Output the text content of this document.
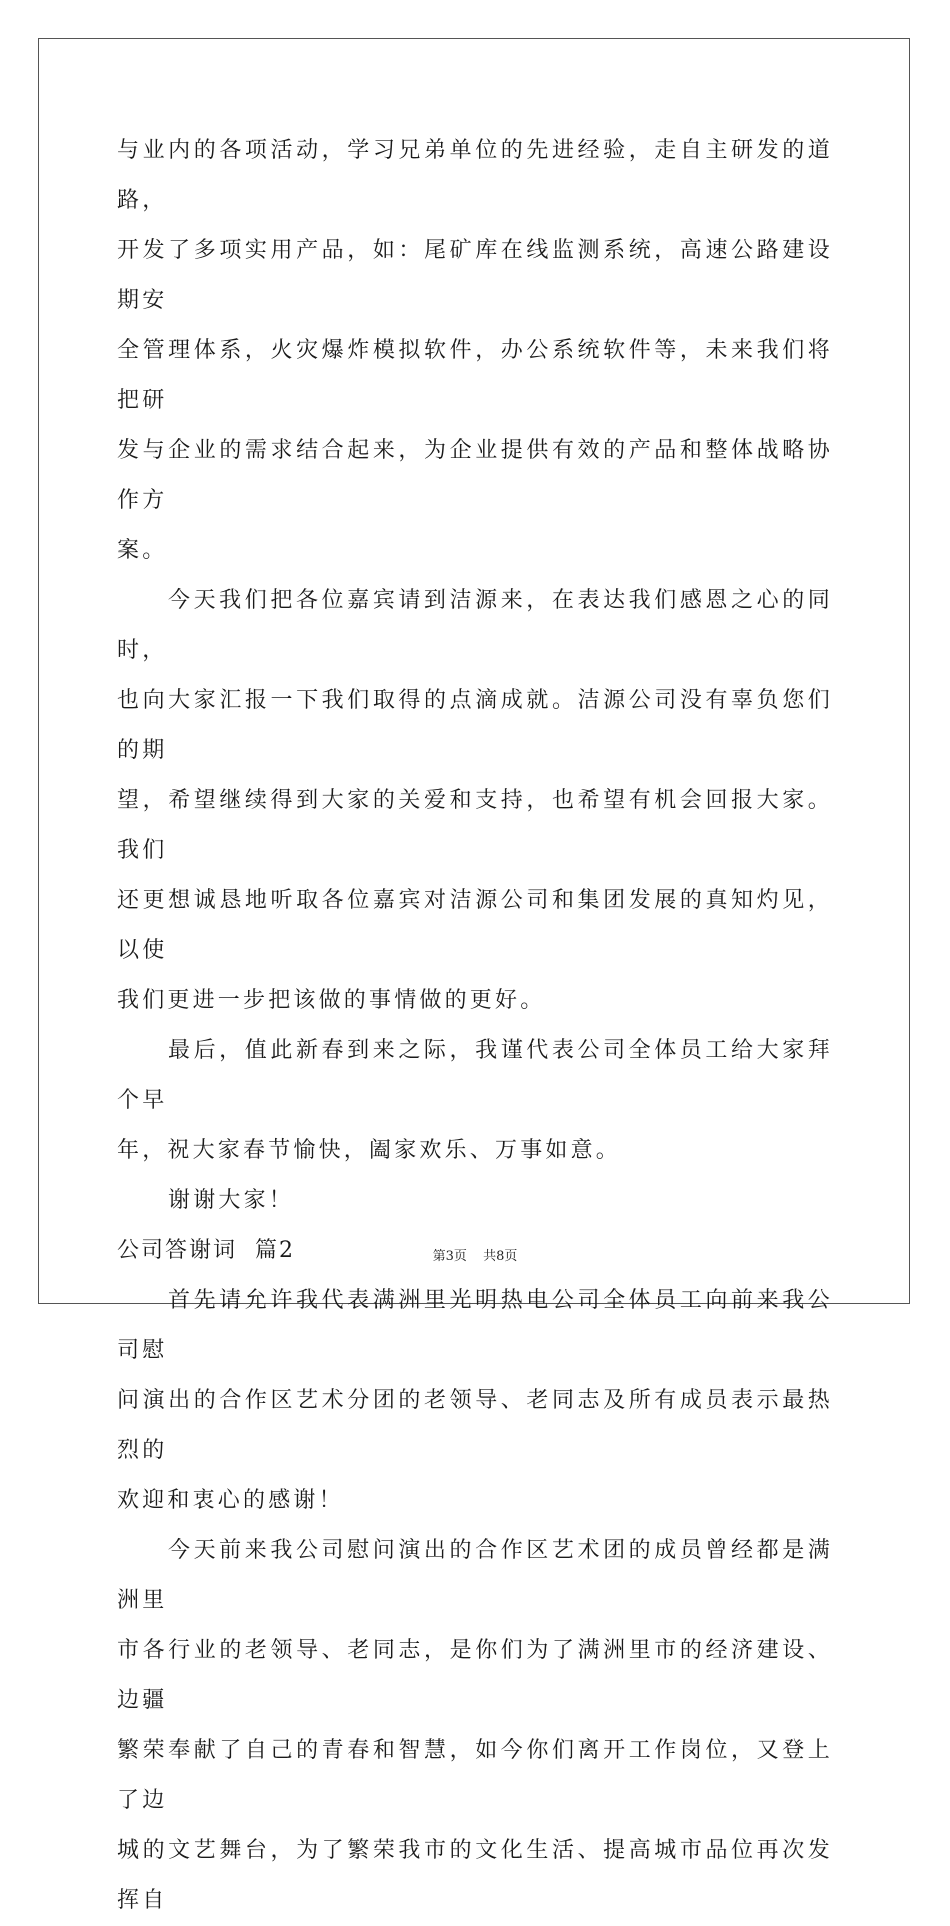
与业内的各项活动，学习兄弟单位的先进经验，走自主研发的道路，

开发了多项实用产品，如：尾矿库在线监测系统，高速公路建设期安

全管理体系，火灾爆炸模拟软件，办公系统软件等，未来我们将把研

发与企业的需求结合起来，为企业提供有效的产品和整体战略协作方

案。

今天我们把各位嘉宾请到洁源来，在表达我们感恩之心的同时，

也向大家汇报一下我们取得的点滴成就。洁源公司没有辜负您们的期

望，希望继续得到大家的关爱和支持，也希望有机会回报大家。我们

还更想诚恳地听取各位嘉宾对洁源公司和集团发展的真知灼见，以使

我们更进一步把该做的事情做的更好。

最后，值此新春到来之际，我谨代表公司全体员工给大家拜个早

年，祝大家春节愉快，阖家欢乐、万事如意。

谢谢大家！

公司答谢词  篇2

首先请允许我代表满洲里光明热电公司全体员工向前来我公司慰

问演出的合作区艺术分团的老领导、老同志及所有成员表示最热烈的

欢迎和衷心的感谢！

今天前来我公司慰问演出的合作区艺术团的成员曾经都是满洲里

市各行业的老领导、老同志，是你们为了满洲里市的经济建设、边疆

繁荣奉献了自己的青春和智慧，如今你们离开工作岗位，又登上了边

城的文艺舞台，为了繁荣我市的文化生活、提高城市品位再次发挥自

第3页 共8页
